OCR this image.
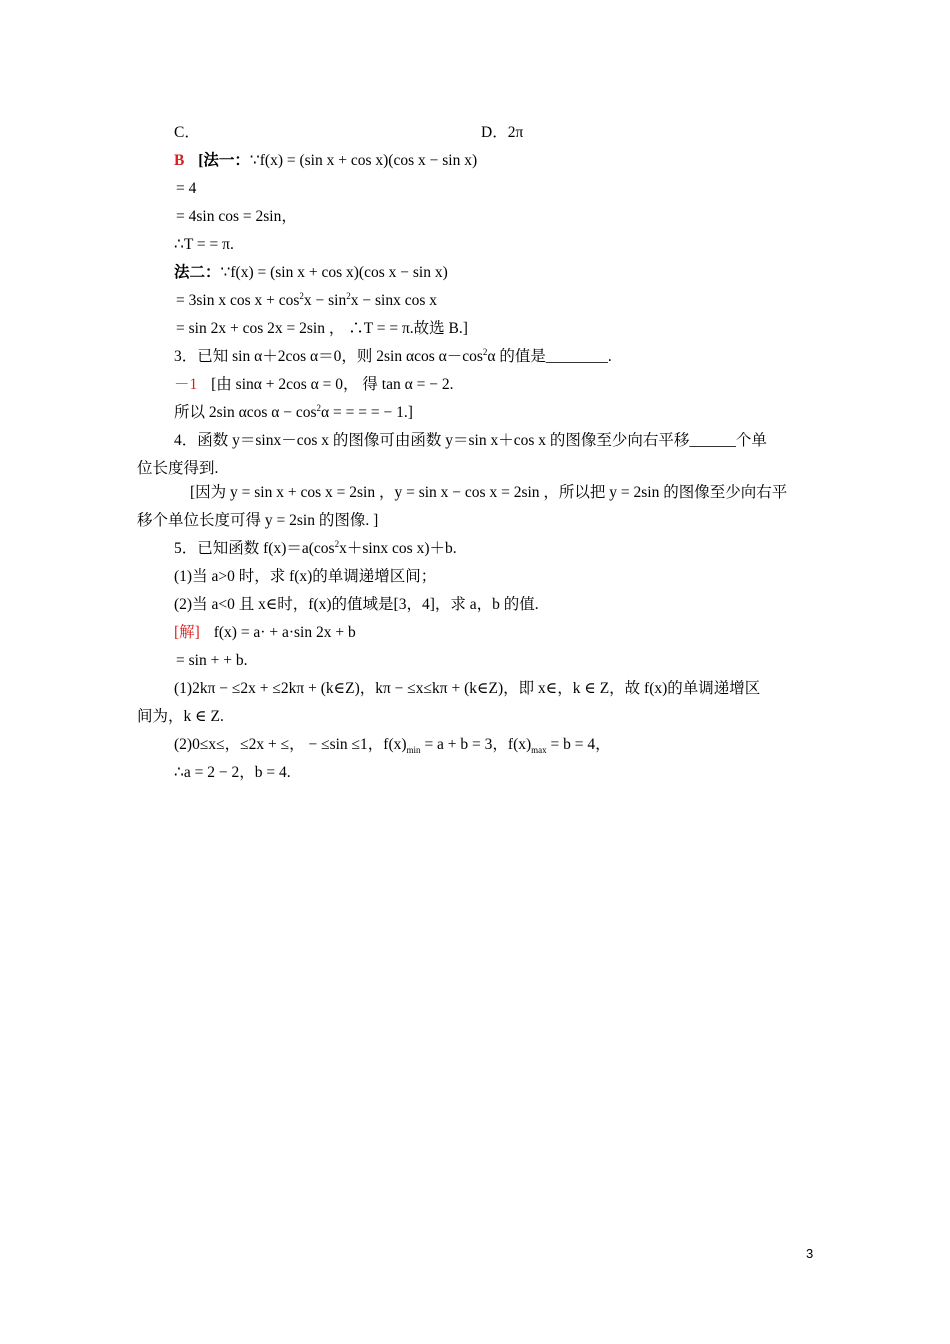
C．	D．2π
B [法一：∵f(x) = (sin x + cos x)(cos x − sin x)
= 4
= 4sin cos = 2sin，
∴T = = π.
法二：∵f(x) = (sin x + cos x)(cos x − sin x)
= 3sin x $\cos x + \cos^2x - \sin^2x - \sin x$ cos x
= sin 2x + cos 2x = 2sin ， ∴T = = π.故选 B.]
3．已知 sin α＋2cos α＝0，则 2sin αcos $\alpha-\cos^2\alpha$ 的值是________.
－1 [由 sinα + 2cos α = 0， 得 tan α = − 2.
所以 2sin αcos $\alpha - \cos^2\alpha$ = = = = − 1.]
4．函数 y＝sinx－cos x 的图像可由函数 y＝sin x＋cos x 的图像至少向右平移______个单
位长度得到.
[因为 y = sin x + cos x = 2sin ，y = sin x − cos x = 2sin ，所以把 y = 2sin 的图像至少向右平
移个单位长度可得 y = 2sin 的图像. ]
5．已知函数 $f(x)=a(\cos^2x+\sin x$ cos x)＋b.
(1)当 a>0 时，求 f(x)的单调递增区间；
(2)当 a<0 且 x∈时，f(x)的值域是[3，4]，求 a，b 的值.
[解] f(x) = a· + a·sin 2x + b
= sin + + b.
(1)2kπ − ≤2x + ≤2kπ + (k∈Z)，kπ − ≤x≤kπ + (k∈Z)，即 x∈，k ∈ Z，故 f(x)的单调递增区
间为，k ∈ Z.
(2)0≤x≤，≤2x + ≤， − ≤sin ≤1，$f(x)_{min} = a + b = 3$，$f(x)_{max} = b = 4$，
∴a = 2 − 2，b = 4.
3
